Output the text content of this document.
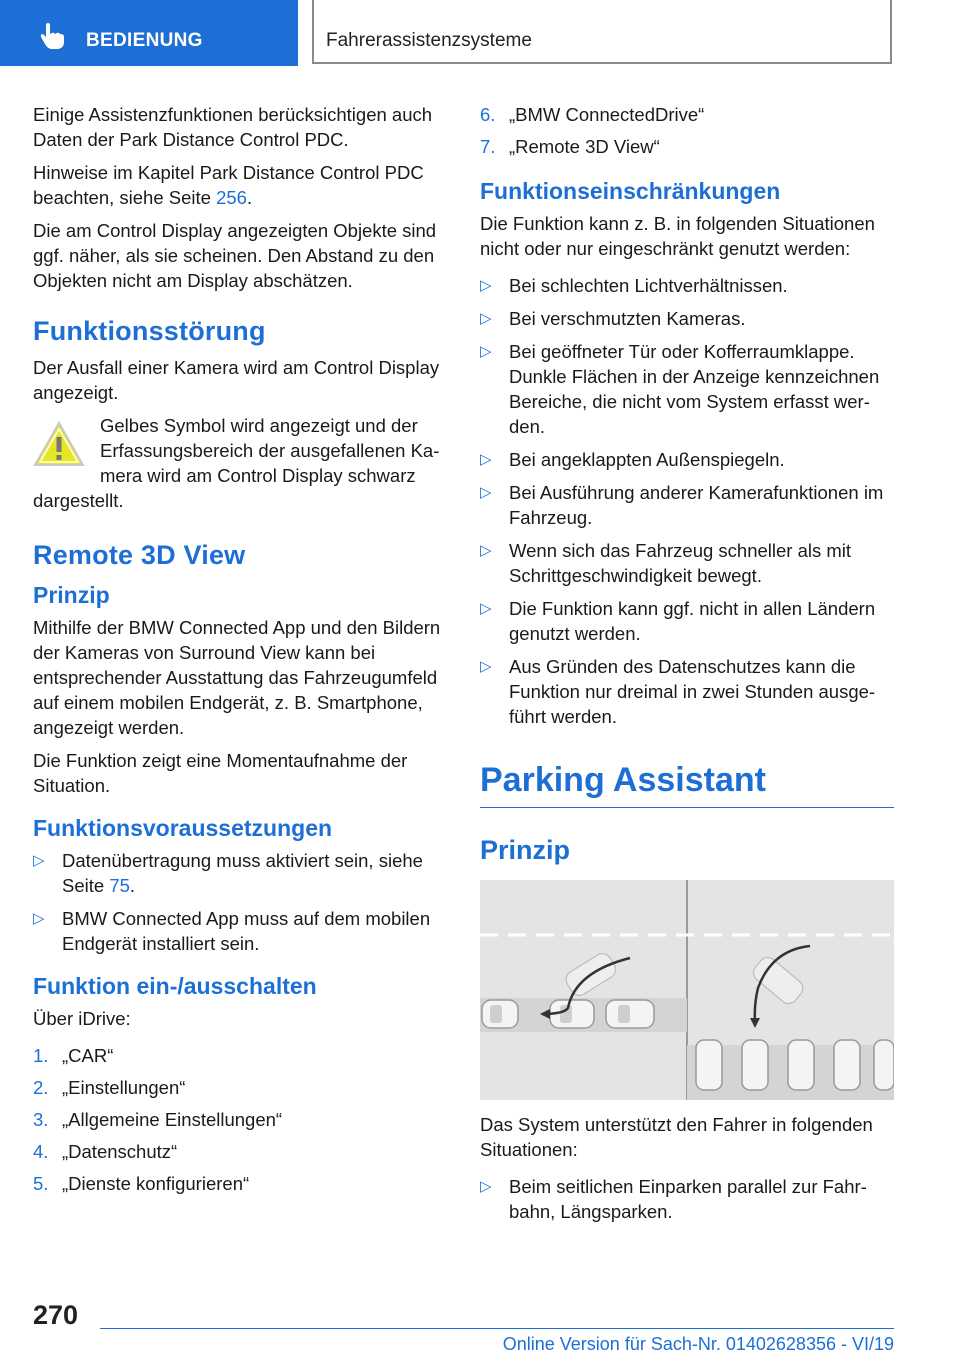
BEDIENUNG	Fahrerassistenzsysteme

Einige Assistenzfunktionen berücksichtigen auch Daten der Park Distance Control PDC.

Hinweise im Kapitel Park Distance Control PDC beachten, siehe Seite 256.

Die am Control Display angezeigten Objekte sind ggf. näher, als sie scheinen. Den Abstand zu den Objekten nicht am Display abschätzen.

Funktionsstörung

Der Ausfall einer Kamera wird am Control Display angezeigt.

Gelbes Symbol wird angezeigt und der Erfassungsbereich der ausgefallenen Kamera wird am Control Display schwarz
dargestellt.
Remote 3D View
Prinzip

Mithilfe der BMW Connected App und den Bildern der Kameras von Surround View kann bei entsprechender Ausstattung das Fahrzeugumfeld auf einem mobilen Endgerät, z. B. Smartphone, angezeigt werden.

Die Funktion zeigt eine Momentaufnahme der Situation.

Funktionsvoraussetzungen
▷ Datenübertragung muss aktiviert sein, siehe Seite 75.
▷ BMW Connected App muss auf dem mobilen Endgerät installiert sein.
Funktion ein-/ausschalten

Über iDrive:

1. „CAR“
2. „Einstellungen“
3. „Allgemeine Einstellungen“
4. „Datenschutz“
5. „Dienste konfigurieren“
6. „BMW ConnectedDrive“
7. „Remote 3D View“
Funktionseinschränkungen

Die Funktion kann z. B. in folgenden Situationen nicht oder nur eingeschränkt genutzt werden:

▷ Bei schlechten Lichtverhältnissen.
▷ Bei verschmutzten Kameras.
▷ Bei geöffneter Tür oder Kofferraumklappe. Dunkle Flächen in der Anzeige kennzeichnen Bereiche, die nicht vom System erfasst werden.
▷ Bei angeklappten Außenspiegeln.
▷ Bei Ausführung anderer Kamerafunktionen im Fahrzeug.
▷ Wenn sich das Fahrzeug schneller als mit Schrittgeschwindigkeit bewegt.
▷ Die Funktion kann ggf. nicht in allen Ländern genutzt werden.
▷ Aus Gründen des Datenschutzes kann die Funktion nur dreimal in zwei Stunden ausgeführt werden.
Parking Assistant
Prinzip

Das System unterstützt den Fahrer in folgenden Situationen:

▷ Beim seitlichen Einparken parallel zur Fahrbahn, Längsparken.
270
Online Version für Sach-Nr. 01402628356 - VI/19
